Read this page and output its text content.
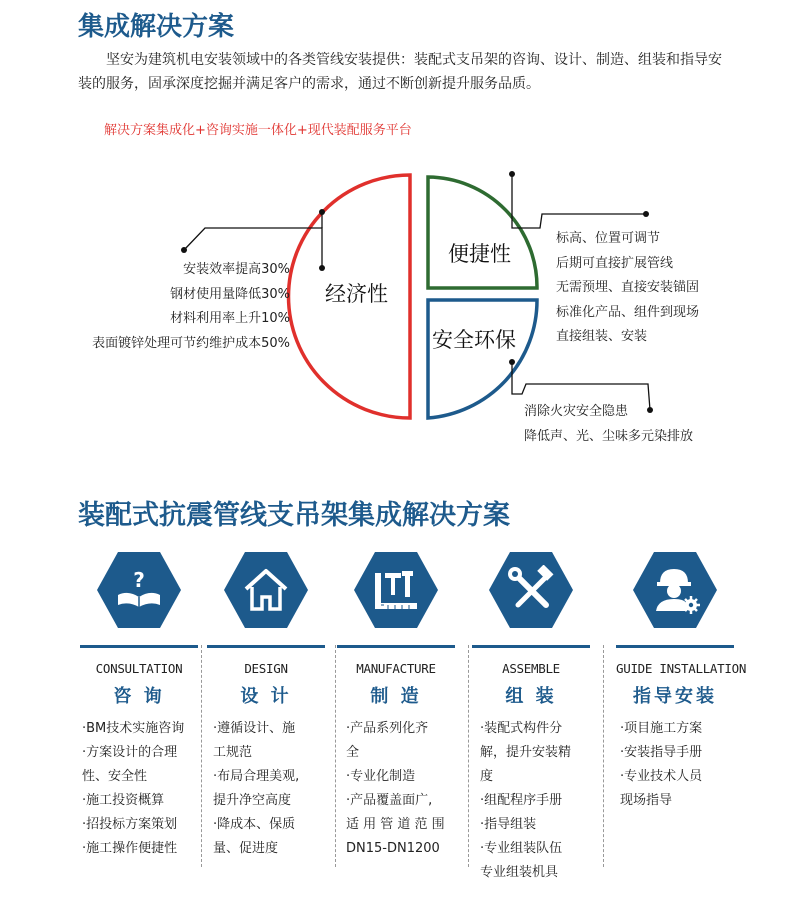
集成解决方案
坚安为建筑机电安装领域中的各类管线安装提供：装配式支吊架的咨询、设计、制造、组装和指导安装的服务，固承深度挖掘并满足客户的需求，通过不断创新提升服务品质。
解决方案集成化+咨询实施一体化+现代装配服务平台
经济性
便捷性
安全环保
安装效率提高30%
钢材使用量降低30%
材料利用率上升10%
表面镀锌处理可节约维护成本50%
标高、位置可调节
后期可直接扩展管线
无需预埋、直接安装锚固
标准化产品、组件到现场
直接组装、安装
消除火灾安全隐患
降低声、光、尘味多元染排放
装配式抗震管线支吊架集成解决方案
?
CONSULTATION
咨 询
DESIGN
设 计
MANUFACTURE
制 造
ASSEMBLE
组 装
GUIDE INSTALLATION
指导安装
·BM技术实施咨询
·方案设计的合理
性、安全性
·施工投资概算
·招投标方案策划
·施工操作便捷性
·遵循设计、施
工规范
·布局合理美观,
提升净空高度
·降成本、保质
量、促进度
·产品系列化齐
全
·专业化制造
·产品覆盖面广,
适 用 管 道 范 围
DN15-DN1200
·装配式构件分
解，提升安装精
度
·组配程序手册
·指导组装
·专业组装队伍
专业组装机具
·项目施工方案
·安装指导手册
·专业技术人员
现场指导
